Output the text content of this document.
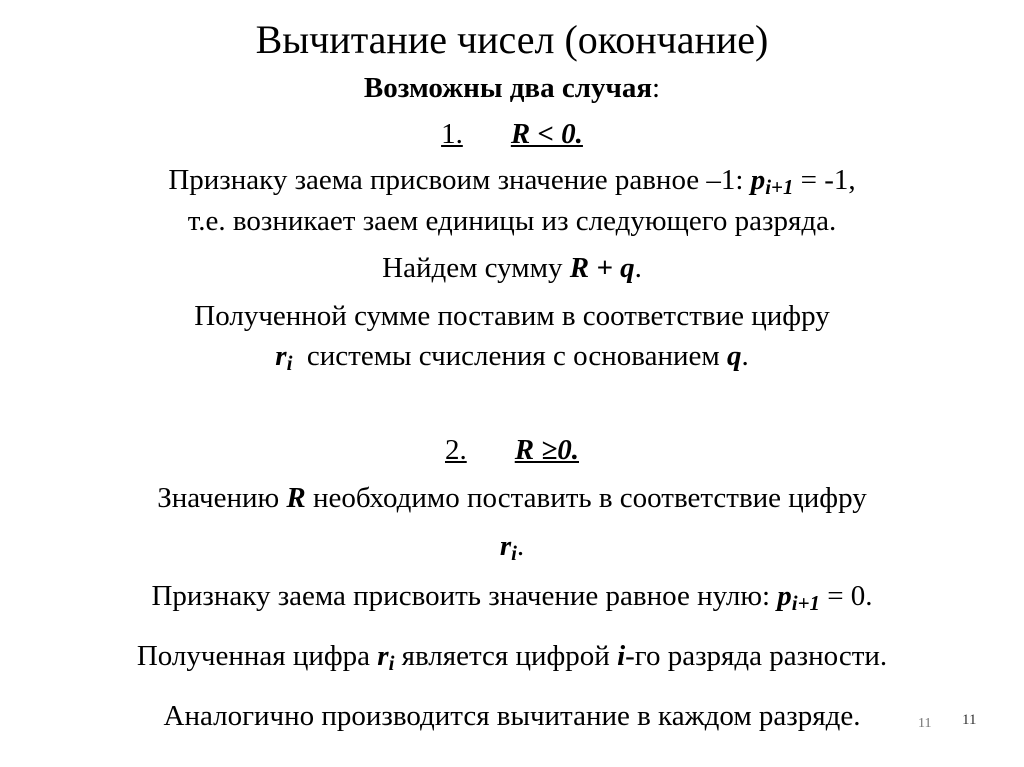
Вычитание чисел (окончание)
Возможны два случая:
1. R < 0.
Признаку заема присвоим значение равное –1: $p_{i+1} = -1$,
т.е. возникает заем единицы из следующего разряда.
Найдем сумму R + q.
Полученной сумме поставим в соответствие цифру
$r_i$  системы счисления с основанием q.
2. R ≥0.
Значению R необходимо поставить в соответствие цифру
$r_i$.
Признаку заема присвоить значение равное нулю: $p_{i+1} = 0$.
Полученная цифра $r_i$ является цифрой i-го разряда разности.
Аналогично производится вычитание в каждом разряде.	11 11
